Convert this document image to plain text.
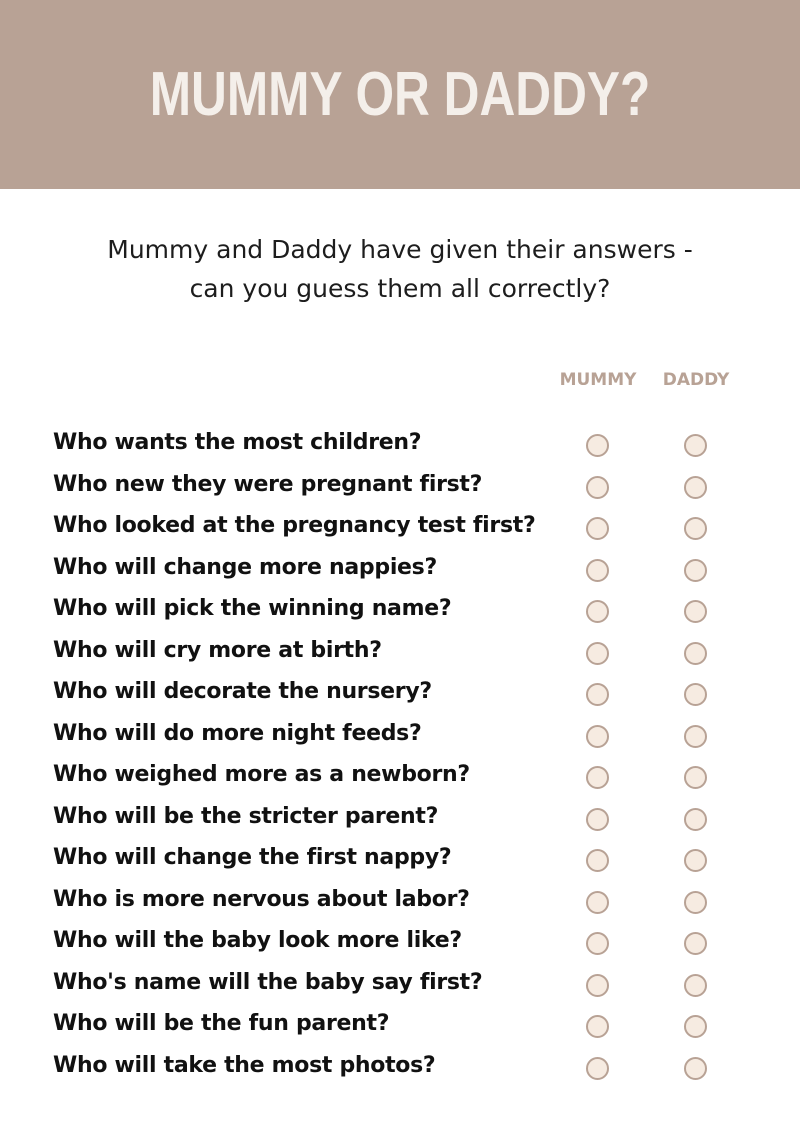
MUMMY OR DADDY?

Mummy and Daddy have given their answers -
can you guess them all correctly?

MUMMY	DADDY
Who wants the most children?
Who new they were pregnant first?
Who looked at the pregnancy test first?
Who will change more nappies?
Who will pick the winning name?
Who will cry more at birth?
Who will decorate the nursery?
Who will do more night feeds?
Who weighed more as a newborn?
Who will be the stricter parent?
Who will change the first nappy?
Who is more nervous about labor?
Who will the baby look more like?
Who's name will the baby say first?
Who will be the fun parent?
Who will take the most photos?
